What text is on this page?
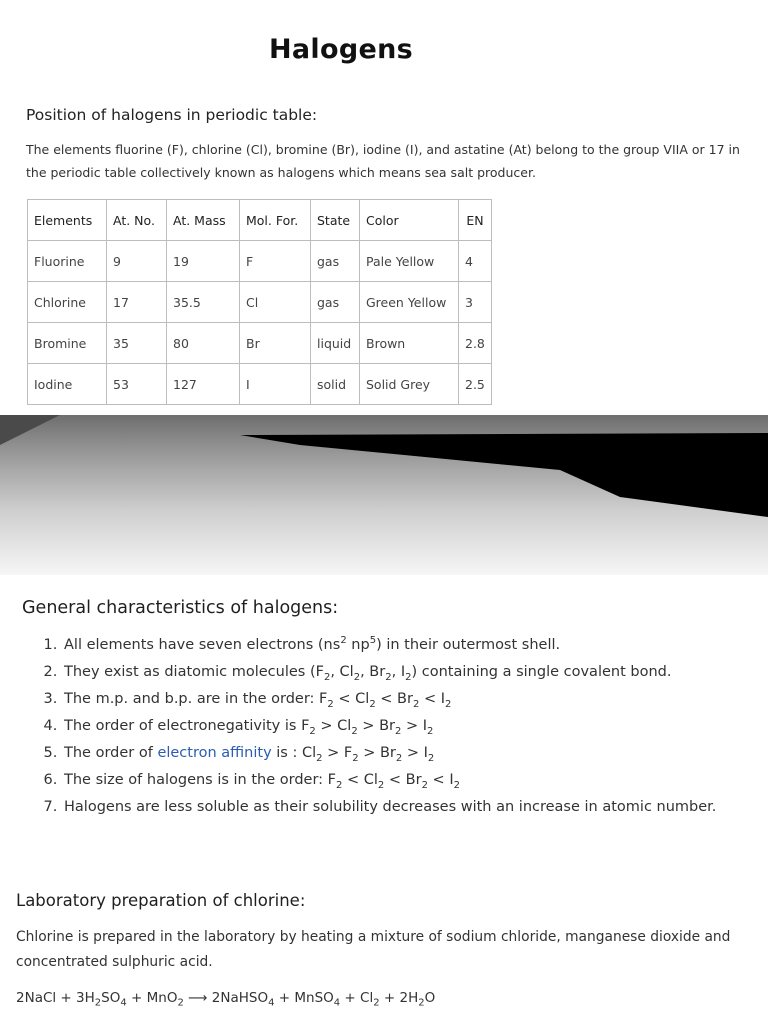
Halogens
Position of halogens in periodic table:
The elements fluorine (F), chlorine (Cl), bromine (Br), iodine (I), and astatine (At) belong to the group VIIA or 17 in the periodic table collectively known as halogens which means sea salt producer.
Elements	At. No.	At. Mass	Mol. For.	State	Color	EN
Fluorine	9	19	F	gas	Pale Yellow	4
Chlorine	17	35.5	Cl	gas	Green Yellow	3
Bromine	35	80	Br	liquid	Brown	2.8
Iodine	53	127	I	solid	Solid Grey	2.5
General characteristics of halogens:
1. All elements have seven electrons ($ns^2$ $np^5$) in their outermost shell.
2. They exist as diatomic molecules ($F_2$, $Cl_2$, $Br_2$, $I_2$) containing a single covalent bond.
3. The m.p. and b.p. are in the order: $F_2 < Cl_2 < Br_2 < I_2$
4. The order of electronegativity is $F_2 > Cl_2 > Br_2 > I_2$
5. The order of electron affinity is : $Cl_2 > F_2 > Br_2 > I_2$
6. The size of halogens is in the order: $F_2 < Cl_2 < Br_2 < I_2$
7. Halogens are less soluble as their solubility decreases with an increase in atomic number.
Laboratory preparation of chlorine:
Chlorine is prepared in the laboratory by heating a mixture of sodium chloride, manganese dioxide and concentrated sulphuric acid.
2NaCl + $3H_2SO_4 + MnO_2$ ⟶ 2NaHSO$_4$ + MnSO$_4$ + $Cl_2 + 2H_2O$
